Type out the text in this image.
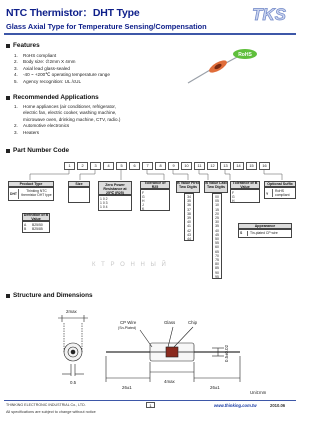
NTC Thermistor：DHT Type
Glass Axial Type for Temperature Sensing/Compensation
TKS
Features
1. RoHS compliant
2. Body size: ∅2mm X 4mm
3. Axial lead glass-sealed
4. -40 ~ +200℃ operating temperature range
5. Agency recognition: UL /cUL
RoHS
Recommended Applications
1. Home appliances (air conditioner, refrigerator,
electric fan, electric cooker, washing machine,
microwave oven, drinking machine, CTV, radio.)
2. Automotive electronics
3. Heaters
Part Number Code
1	2	3	4	5	6	7	8	9	10	11	12	13	14	15	16
Product Type
DHT
Thinking NTC thermistor DHT type
Size	Zero Power Resistance at 25℃ (R25)
1 0 2
1 0 3
1 0 4
Tolerance of R25
F
G
H
J
K
B Value First Two Digits
34
35
36
37
38
39
40
41
42
43
44
B Value Last Two Digits
00
05
10
15
20
25
30
35
40
45
50
55
60
65
70
75
80
85
90
95
Tolerance of B Value
F
G
H
Optional Suffix
Y
RoHS compliant
Definition of B Value
A	B25/50
B	B25/85
Appearance
S	Tin-plated CP wire
К Т Р О Н Н Ы Й
Structure and Dimensions
2max
0.5
CP Wire
(Sn-Plated)
Glass	Chip
0.5±0.02
26±1
4max
26±1
Unit:mm
THINKING ELECTRONIC INDUSTRIAL Co., LTD.
All specifications are subject to change without notice
1	www.thinking.com.tw	2010.06
